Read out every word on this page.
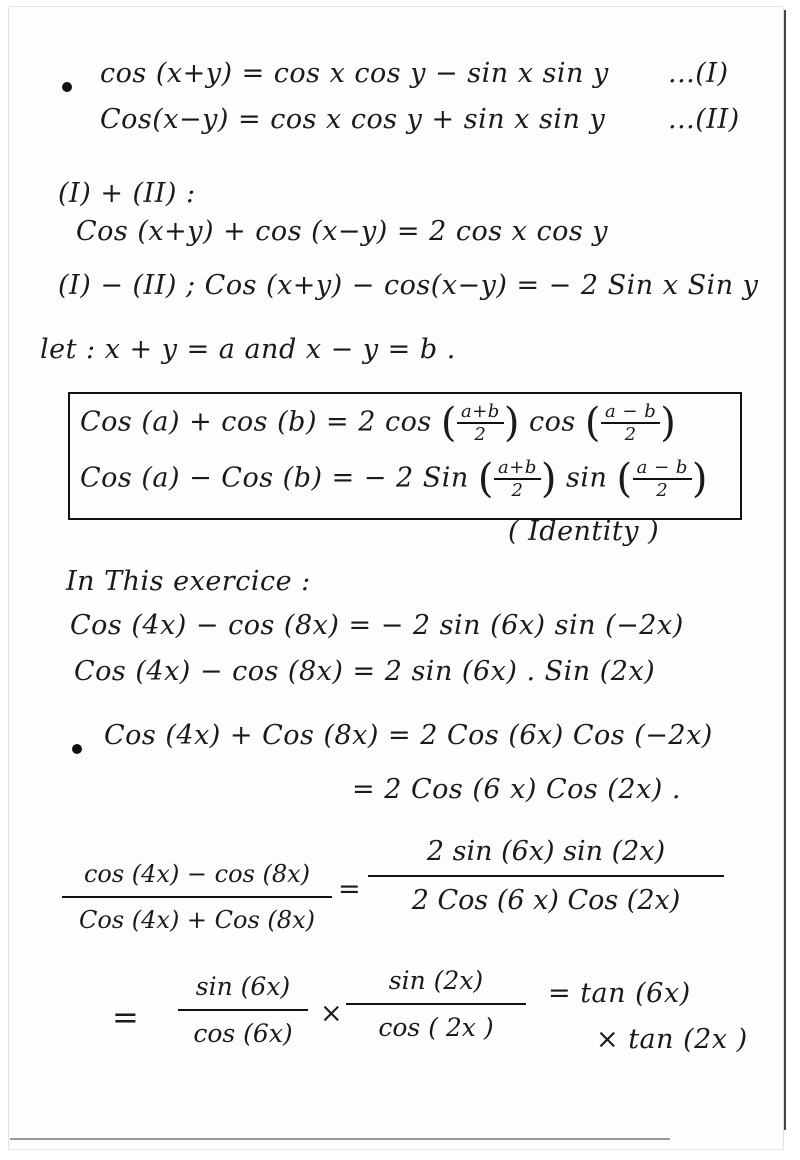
cos (x+y) = cos x cos y − sin x sin y ...(I)
Cos(x−y) = cos x cos y + sin x sin y ...(II)
(I) + (II) :
Cos (x+y) + cos (x−y) = 2 cos x cos y
(I) − (II) ; Cos (x+y) − cos(x−y) = − 2 Sin x Sin y
let : x + y = a and x − y = b .
Cos (a) + cos (b) = 2 cos ( $\frac{a+b}{2}$ ) cos ( $\frac{a - b}{2}$ )
Cos (a) − Cos (b) = − 2 Sin ( $\frac{a+b}{2}$ ) sin ( $\frac{a - b}{2}$ )
( Identity )
In This exercice :
Cos (4x) − cos (8x) = − 2 sin (6x) sin (−2x)
Cos (4x) − cos (8x) = 2 sin (6x) . Sin (2x)
Cos (4x) + Cos (8x) = 2 Cos (6x) Cos (−2x)
= 2 Cos (6 x) Cos (2x) .
cos (4x) − cos (8x)
Cos (4x) + Cos (8x)
=
2 sin (6x) sin (2x)
2 Cos (6 x) Cos (2x)
= $\frac{\sin (6x)}{\cos (6x)} \times \frac{\sin (2x)}{\cos ( 2x )} = \tan (6x)$
× tan (2x )
